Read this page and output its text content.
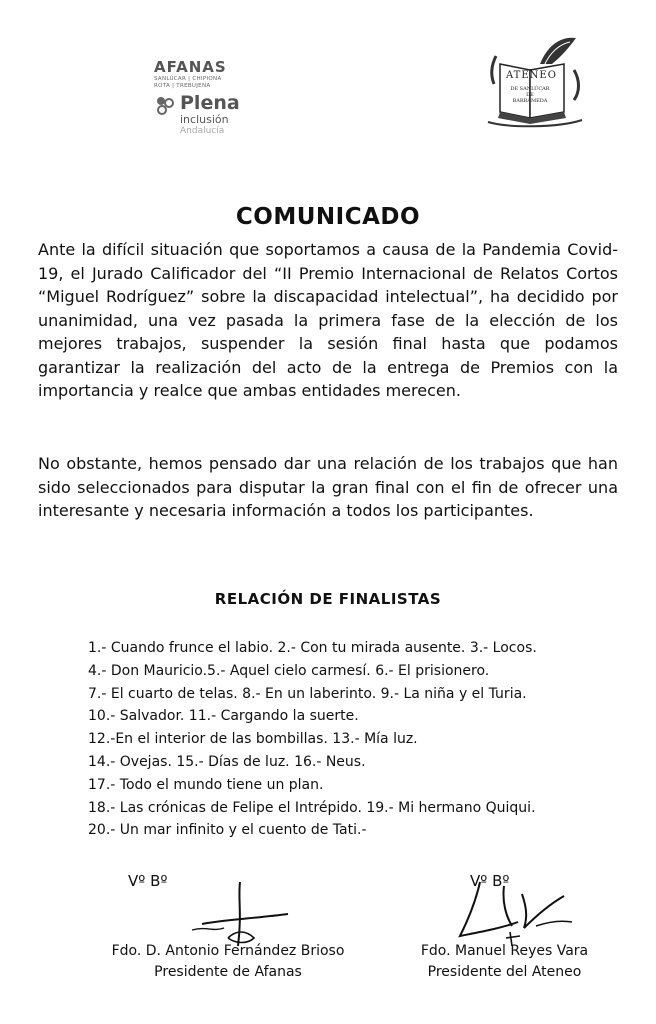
AFANAS
SANLÚCAR | CHIPIONA
ROTA | TREBUJENA
Plena
inclusión
Andalucía
ATENEO
DE SANLÚCAR DE BARRAMEDA
COMUNICADO

Ante la difícil situación que soportamos a causa de la Pandemia Covid-19, el Jurado Calificador del “II Premio Internacional de Relatos Cortos “Miguel Rodríguez” sobre la discapacidad intelectual”, ha decidido por unanimidad, una vez pasada la primera fase de la elección de los mejores trabajos, suspender la sesión final hasta que podamos garantizar la realización del acto de la entrega de Premios con la importancia y realce que ambas entidades merecen.

No obstante, hemos pensado dar una relación de los trabajos que han sido seleccionados para disputar la gran final con el fin de ofrecer una interesante y necesaria información a todos los participantes.

RELACIÓN DE FINALISTAS
1.- Cuando frunce el labio. 2.- Con tu mirada ausente. 3.- Locos.
4.- Don Mauricio.5.- Aquel cielo carmesí. 6.- El prisionero.
7.- El cuarto de telas. 8.- En un laberinto. 9.- La niña y el Turia.
10.- Salvador. 11.- Cargando la suerte.
12.-En el interior de las bombillas. 13.- Mía luz.
14.- Ovejas. 15.- Días de luz. 16.- Neus.
17.- Todo el mundo tiene un plan.
18.- Las crónicas de Felipe el Intrépido. 19.- Mi hermano Quiqui.
20.- Un mar infinito y el cuento de Tati.-
Vº Bº	Vº Bº
Fdo. D. Antonio Fernández Brioso
Presidente de Afanas
Fdo. Manuel Reyes Vara
Presidente del Ateneo
